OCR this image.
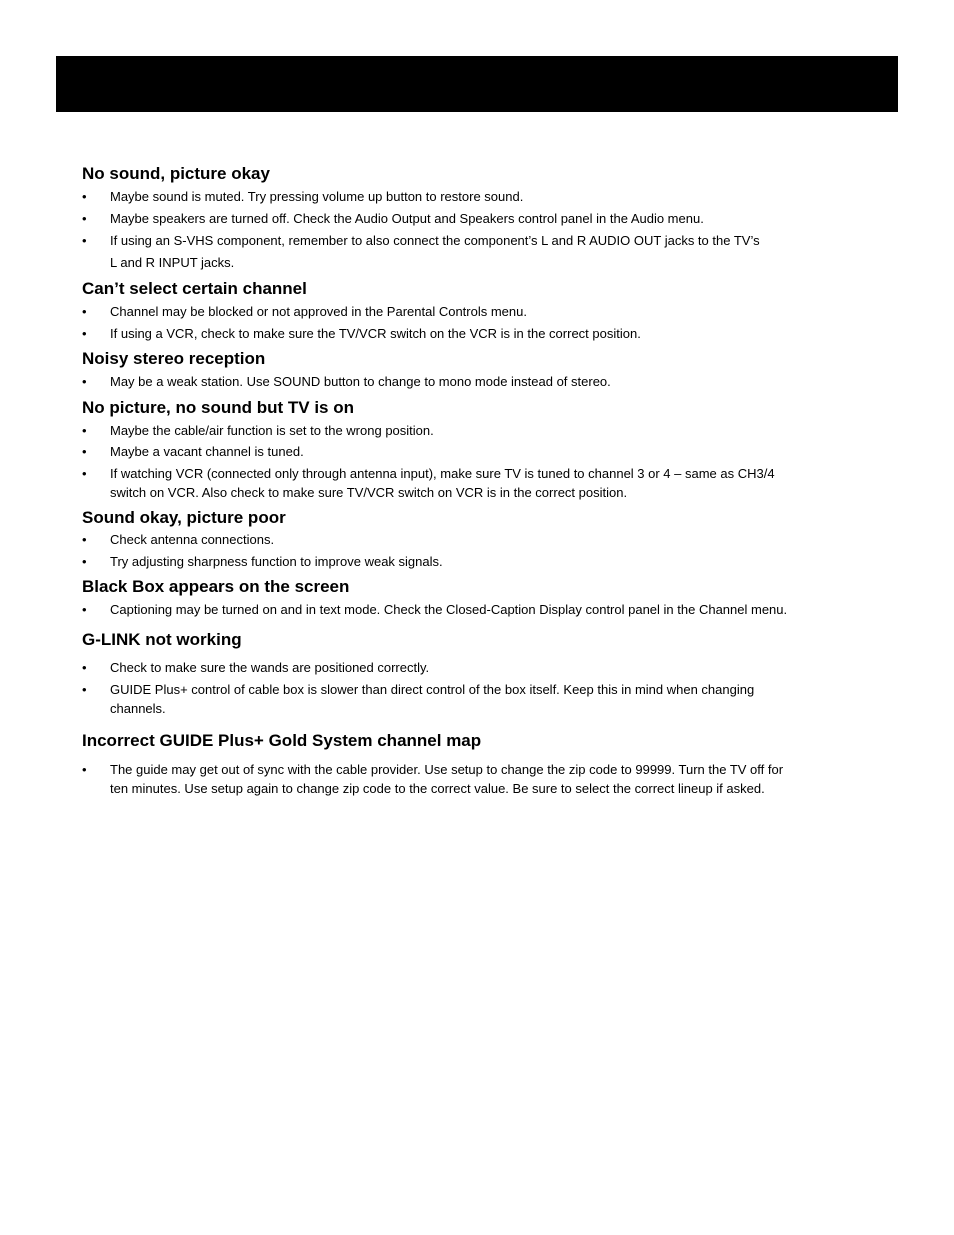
No sound, picture okay
•	Maybe sound is muted. Try pressing volume up button to restore sound.
•	Maybe speakers are turned off. Check the Audio Output and Speakers control panel in the Audio menu.
•	If using an S-VHS component, remember to also connect the component’s L and R AUDIO OUT jacks to the TV’s
L and R INPUT jacks.
Can’t select certain channel
•	Channel may be blocked or not approved in the Parental Controls menu.
•	If using a VCR, check to make sure the TV/VCR switch on the VCR is in the correct position.
Noisy stereo reception
•	May be a weak station. Use SOUND button to change to mono mode instead of stereo.
No picture, no sound but TV is on
•	Maybe the cable/air function is set to the wrong position.
•	Maybe a vacant channel is tuned.
•	If watching VCR (connected only through antenna input), make sure TV is tuned to channel 3 or 4 – same as CH3/4
switch on VCR. Also check to make sure TV/VCR switch on VCR is in the correct position.
Sound okay, picture poor
•	Check antenna connections.
•	Try adjusting sharpness function to improve weak signals.
Black Box appears on the screen
•	Captioning may be turned on and in text mode. Check the Closed-Caption Display control panel in the Channel menu.
G-LINK not working
•	Check to make sure the wands are positioned correctly.
•	GUIDE Plus+ control of cable box is slower than direct control of the box itself. Keep this in mind when changing
channels.
Incorrect GUIDE Plus+ Gold System channel map
•	The guide may get out of sync with the cable provider. Use setup to change the zip code to 99999. Turn the TV off for
ten minutes. Use setup again to change zip code to the correct value. Be sure to select the correct lineup if asked.
